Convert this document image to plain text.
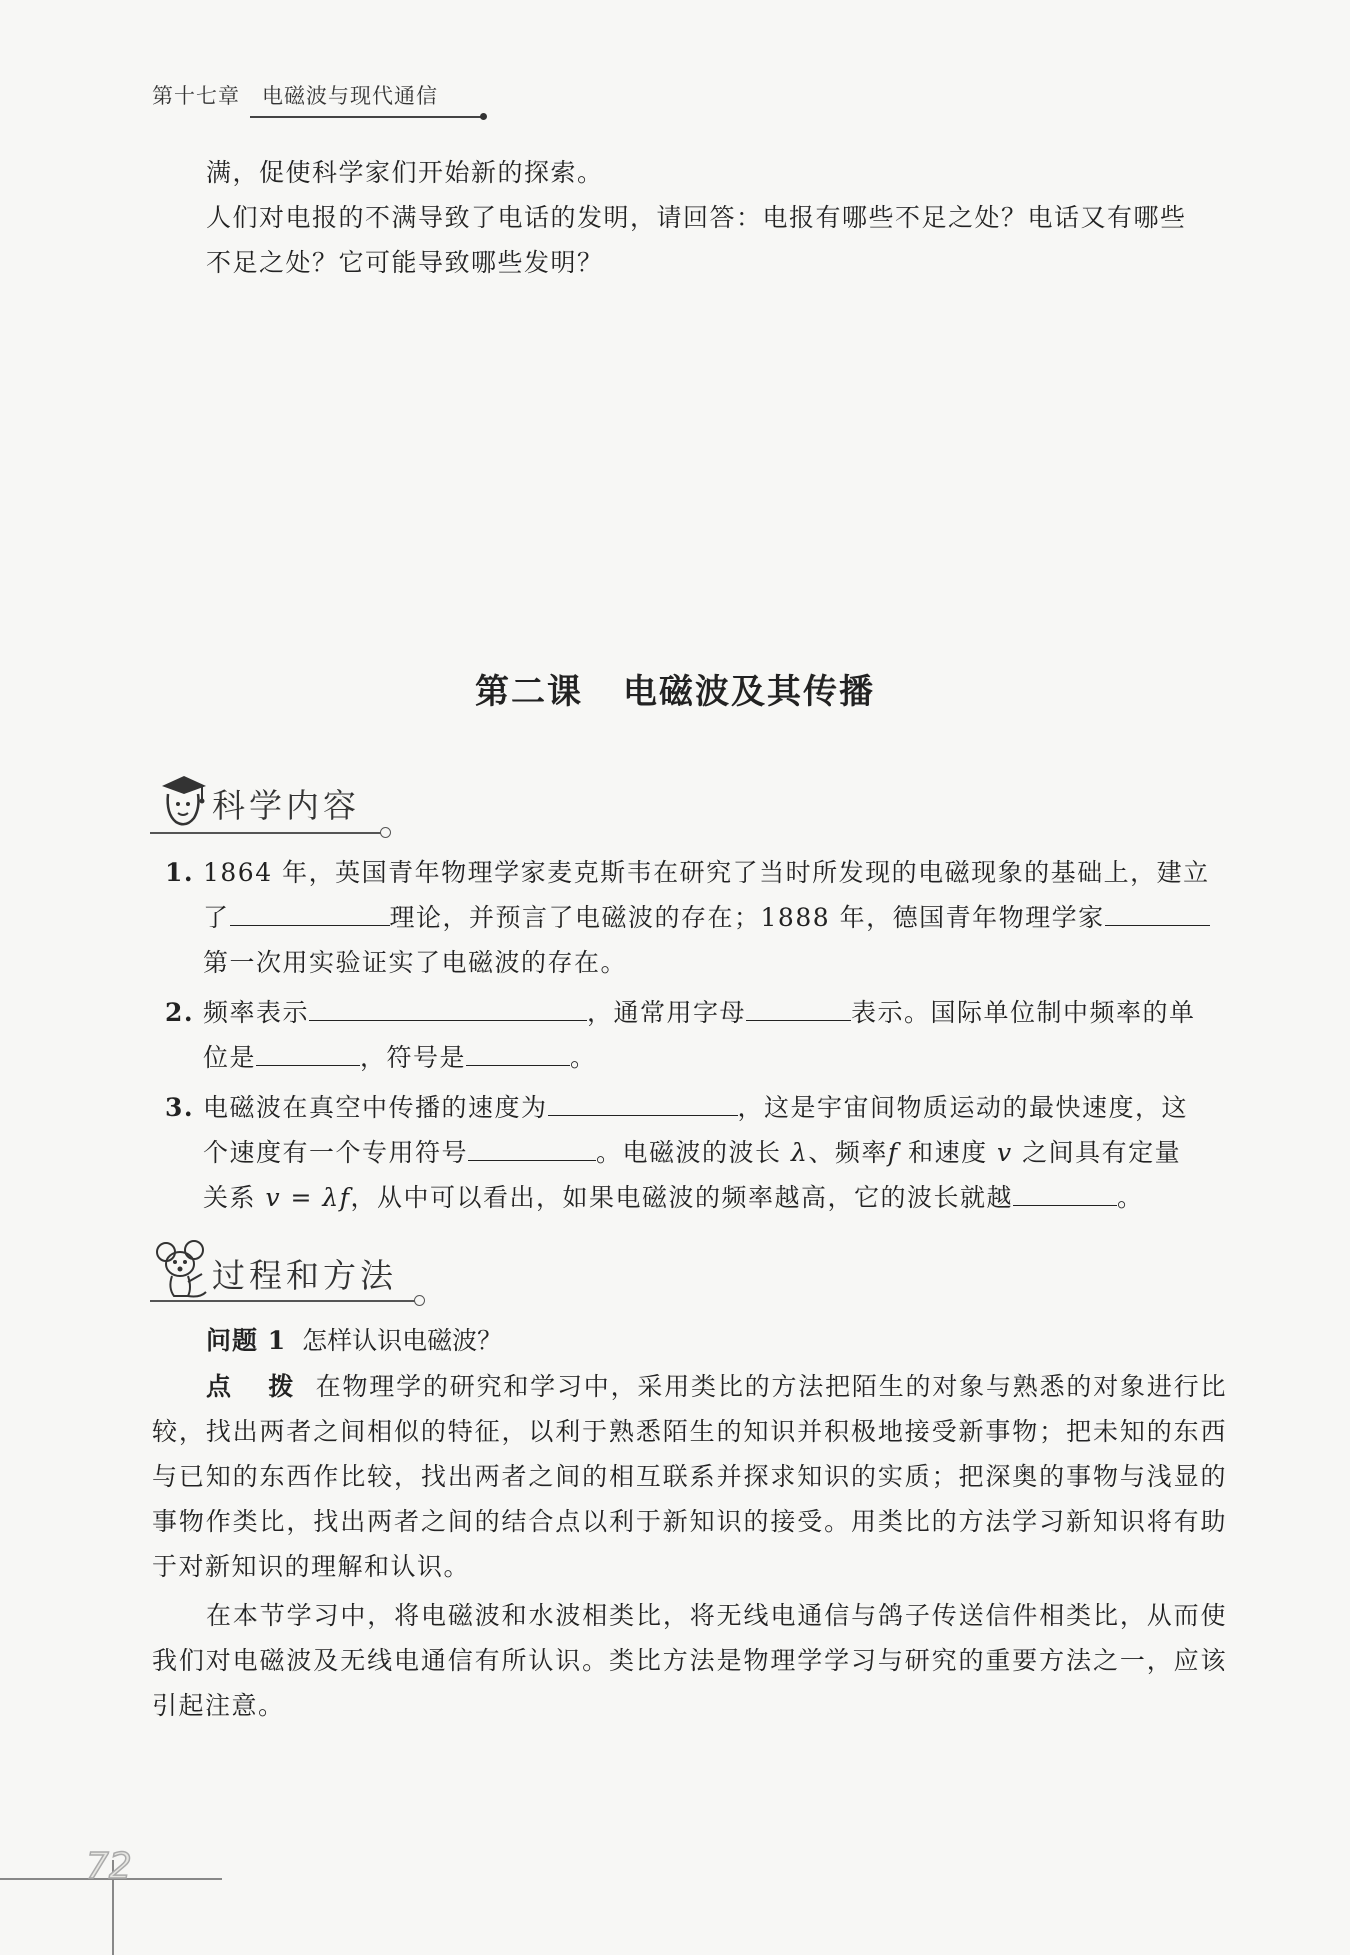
第十七章 电磁波与现代通信
满，促使科学家们开始新的探索。
人们对电报的不满导致了电话的发明，请回答：电报有哪些不足之处？电话又有哪些
不足之处？它可能导致哪些发明？
第二课 电磁波及其传播
科学内容
1. 1864 年，英国青年物理学家麦克斯韦在研究了当时所发现的电磁现象的基础上，建立
了	理论，并预言了电磁波的存在；1888 年，德国青年物理学家
第一次用实验证实了电磁波的存在。
2. 频率表示	，通常用字母	表示。国际单位制中频率的单
位是	，符号是	。
3. 电磁波在真空中传播的速度为	，这是宇宙间物质运动的最快速度，这
个速度有一个专用符号	。电磁波的波长 λ、频率f 和速度 v 之间具有定量
关系 v = λf，从中可以看出，如果电磁波的频率越高，它的波长就越	。
过程和方法
问题 1 怎样认识电磁波？
点 拨 在物理学的研究和学习中，采用类比的方法把陌生的对象与熟悉的对象进行比较，找出两者之间相似的特征，以利于熟悉陌生的知识并积极地接受新事物；把未知的东西与已知的东西作比较，找出两者之间的相互联系并探求知识的实质；把深奥的事物与浅显的事物作类比，找出两者之间的结合点以利于新知识的接受。用类比的方法学习新知识将有助于对新知识的理解和认识。
在本节学习中，将电磁波和水波相类比，将无线电通信与鸽子传送信件相类比，从而使我们对电磁波及无线电通信有所认识。类比方法是物理学学习与研究的重要方法之一，应该引起注意。
72
